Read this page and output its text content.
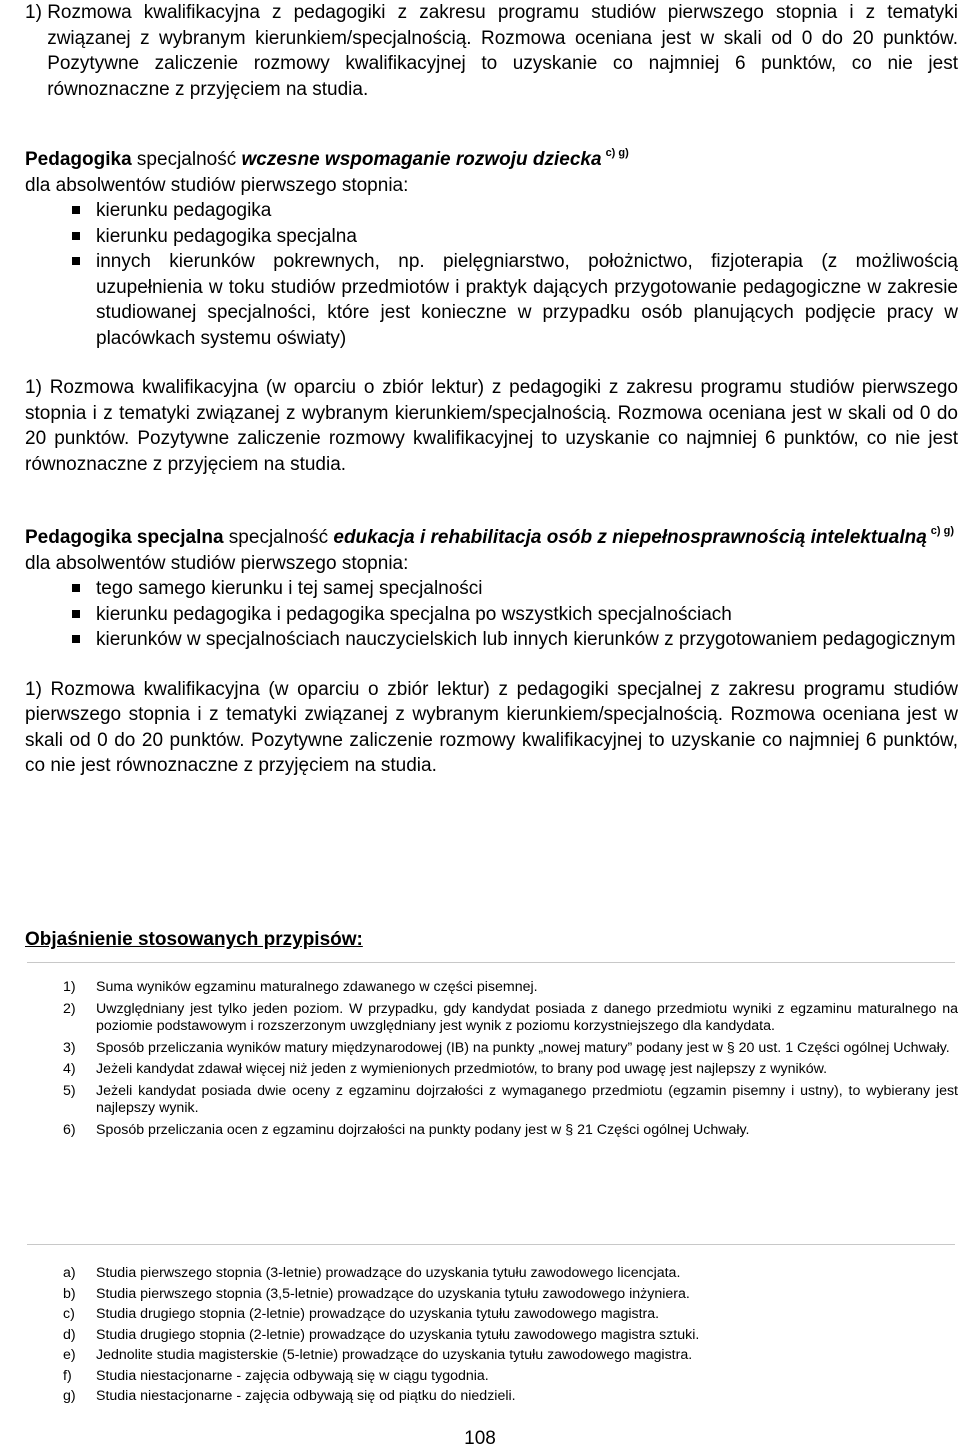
1) Rozmowa kwalifikacyjna z pedagogiki z zakresu programu studiów pierwszego stopnia i z tematyki związanej z wybranym kierunkiem/specjalnością. Rozmowa oceniana jest w skali od 0 do 20 punktów. Pozytywne zaliczenie rozmowy kwalifikacyjnej to uzyskanie co najmniej 6 punktów, co nie jest równoznaczne z przyjęciem na studia.

Pedagogika specjalność wczesne wspomaganie rozwoju dziecka $^{c) g)}$

dla absolwentów studiów pierwszego stopnia:

kierunku pedagogika
kierunku pedagogika specjalna
innych kierunków pokrewnych, np. pielęgniarstwo, położnictwo, fizjoterapia (z możliwością uzupełnienia w toku studiów przedmiotów i praktyk dających przygotowanie pedagogiczne w zakresie studiowanej specjalności, które jest konieczne w przypadku osób planujących podjęcie pracy w placówkach systemu oświaty)

1) Rozmowa kwalifikacyjna (w oparciu o zbiór lektur) z pedagogiki z zakresu programu studiów pierwszego stopnia i z tematyki związanej z wybranym kierunkiem/specjalnością. Rozmowa oceniana jest w skali od 0 do 20 punktów. Pozytywne zaliczenie rozmowy kwalifikacyjnej to uzyskanie co najmniej 6 punktów, co nie jest równoznaczne z przyjęciem na studia.

Pedagogika specjalna specjalność edukacja i rehabilitacja osób z niepełnosprawnością intelektualną $^{c) g)}$

dla absolwentów studiów pierwszego stopnia:

tego samego kierunku i tej samej specjalności
kierunku pedagogika i pedagogika specjalna po wszystkich specjalnościach
kierunków w specjalnościach nauczycielskich lub innych kierunków z przygotowaniem pedagogicznym

1) Rozmowa kwalifikacyjna (w oparciu o zbiór lektur) z pedagogiki specjalnej z zakresu programu studiów pierwszego stopnia i z tematyki związanej z wybranym kierunkiem/specjalnością. Rozmowa oceniana jest w skali od 0 do 20 punktów. Pozytywne zaliczenie rozmowy kwalifikacyjnej to uzyskanie co najmniej 6 punktów, co nie jest równoznaczne z przyjęciem na studia.

Objaśnienie stosowanych przypisów:
1)	Suma wyników egzaminu maturalnego zdawanego w części pisemnej.
2)	Uwzględniany jest tylko jeden poziom. W przypadku, gdy kandydat posiada z danego przedmiotu wyniki z egzaminu maturalnego na poziomie podstawowym i rozszerzonym uwzględniany jest wynik z poziomu korzystniejszego dla kandydata.
3)	Sposób przeliczania wyników matury międzynarodowej (IB) na punkty „nowej matury” podany jest w § 20 ust. 1 Części ogólnej Uchwały.
4)	Jeżeli kandydat zdawał więcej niż jeden z wymienionych przedmiotów, to brany pod uwagę jest najlepszy z wyników.
5)	Jeżeli kandydat posiada dwie oceny z egzaminu dojrzałości z wymaganego przedmiotu (egzamin pisemny i ustny), to wybierany jest najlepszy wynik.
6)	Sposób przeliczania ocen z egzaminu dojrzałości na punkty podany jest w § 21 Części ogólnej Uchwały.
a)	Studia pierwszego stopnia (3-letnie) prowadzące do uzyskania tytułu zawodowego licencjata.
b)	Studia pierwszego stopnia (3,5-letnie) prowadzące do uzyskania tytułu zawodowego inżyniera.
c)	Studia drugiego stopnia (2-letnie) prowadzące do uzyskania tytułu zawodowego magistra.
d)	Studia drugiego stopnia (2-letnie) prowadzące do uzyskania tytułu zawodowego magistra sztuki.
e)	Jednolite studia magisterskie (5-letnie) prowadzące do uzyskania tytułu zawodowego magistra.
f)	Studia niestacjonarne - zajęcia odbywają się w ciągu tygodnia.
g)	Studia niestacjonarne - zajęcia odbywają się od piątku do niedzieli.
108
